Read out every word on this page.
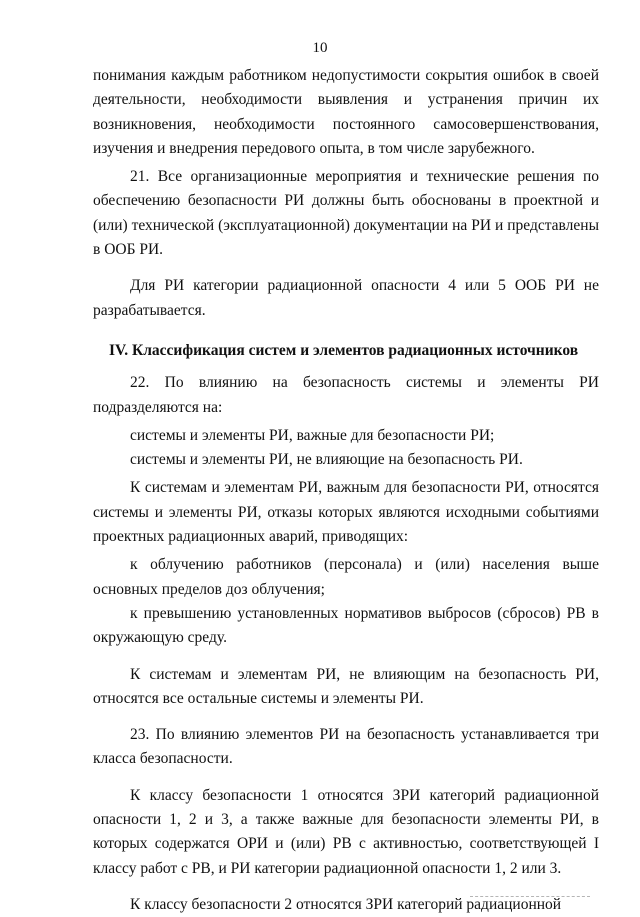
10

понимания каждым работником недопустимости сокрытия ошибок в своей деятельности, необходимости выявления и устранения причин их возникновения, необходимости постоянного самосовершенствования, изучения и внедрения передового опыта, в том числе зарубежного.

21. Все организационные мероприятия и технические решения по обеспечению безопасности РИ должны быть обоснованы в проектной и (или) технической (эксплуатационной) документации на РИ и представлены в ООБ РИ.

Для РИ категории радиационной опасности 4 или 5 ООБ РИ не разрабатывается.

IV. Классификация систем и элементов радиационных источников

22. По влиянию на безопасность системы и элементы РИ подразделяются на:

системы и элементы РИ, важные для безопасности РИ;

системы и элементы РИ, не влияющие на безопасность РИ.

К системам и элементам РИ, важным для безопасности РИ, относятся системы и элементы РИ, отказы которых являются исходными событиями проектных радиационных аварий, приводящих:

к облучению работников (персонала) и (или) населения выше основных пределов доз облучения;

к превышению установленных нормативов выбросов (сбросов) РВ в окружающую среду.

К системам и элементам РИ, не влияющим на безопасность РИ, относятся все остальные системы и элементы РИ.

23. По влиянию элементов РИ на безопасность устанавливается три класса безопасности.

К классу безопасности 1 относятся ЗРИ категорий радиационной опасности 1, 2 и 3, а также важные для безопасности элементы РИ, в которых содержатся ОРИ и (или) РВ с активностью, соответствующей I классу работ с РВ, и РИ категории радиационной опасности 1, 2 или 3.

К классу безопасности 2 относятся ЗРИ категорий радиационной
